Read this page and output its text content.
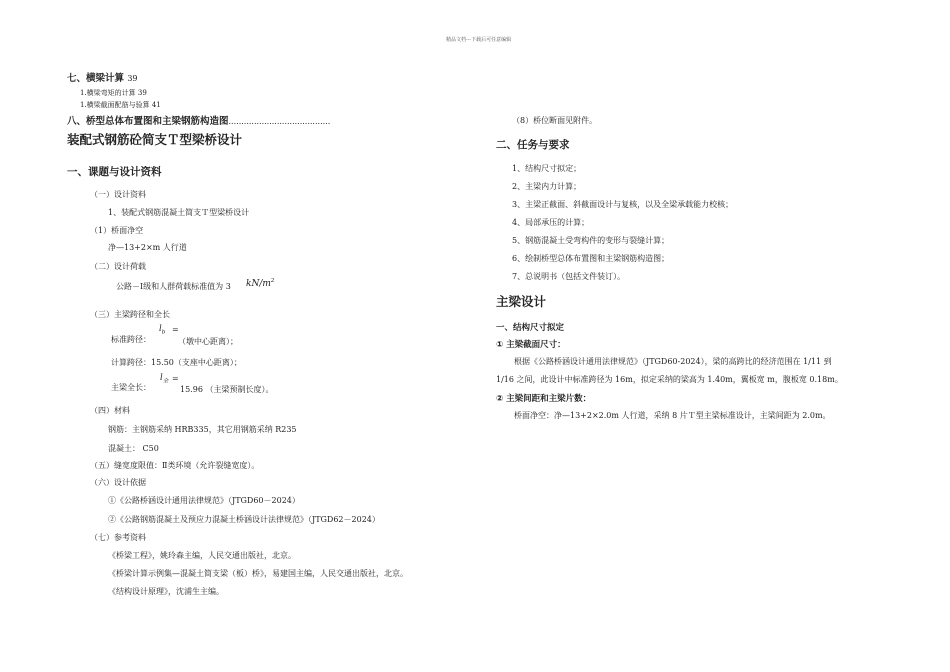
精品文档---下载后可任意编辑
七、横梁计算 39
1.横梁弯矩的计算 39
1.横梁截面配筋与验算 41
八、桥型总体布置图和主梁钢筋构造图........................................
装配式钢筋砼简支Ｔ型梁桥设计
一、课题与设计资料
（一）设计资料
1、装配式钢筋混凝土简支Ｔ型梁桥设计
（1）桥面净空
净—13+2×m 人行道
（二）设计荷载
公路－Ⅰ级和人群荷载标准值为 3 $kN/m^2$
（三）主梁跨径和全长
标准跨径：
$l_b$ =
（墩中心距离）；
计算跨径：15.50（支座中心距离）；
主梁全长：
$l_全$ =
15.96 （主梁预制长度）。
（四）材料
钢筋：主钢筋采纳 HRB335，其它用钢筋采纳 R235
混凝土： C50
（五）缝宽度限值：Ⅱ类环境（允许裂缝宽度）。
（六）设计依据
①《公路桥涵设计通用法律规范》（JTGD60－2024）
②《公路钢筋混凝土及预应力混凝土桥涵设计法律规范》（JTGD62－2024）
（七）参考资料
《桥梁工程》，姚玲森主编，人民交通出版社，北京。
《桥梁计算示例集—混凝土简支梁（板）桥》，易建国主编，人民交通出版社，北京。
《结构设计原理》，沈浦生主编。
（8）桥位断面见附件。
二、任务与要求
1、结构尺寸拟定；
2、主梁内力计算；
3、主梁正截面、斜截面设计与复核，以及全梁承载能力校核；
4、局部承压的计算；
5、钢筋混凝土受弯构件的变形与裂缝计算；
6、绘制桥型总体布置图和主梁钢筋构造图；
7、总说明书（包括文件装订）。
主梁设计
一、结构尺寸拟定
① 主梁截面尺寸：
根据《公路桥涵设计通用法律规范》（JTGD60-2024），梁的高跨比的经济范围在 1/11 到
1/16 之间，此设计中标准跨径为 16m，拟定采纳的梁高为 1.40m，翼板宽 m，腹板宽 0.18m。
② 主梁间距和主梁片数：
桥面净空：净—13+2×2.0m 人行道，采纳 8 片Ｔ型主梁标准设计，主梁间距为 2.0m。
